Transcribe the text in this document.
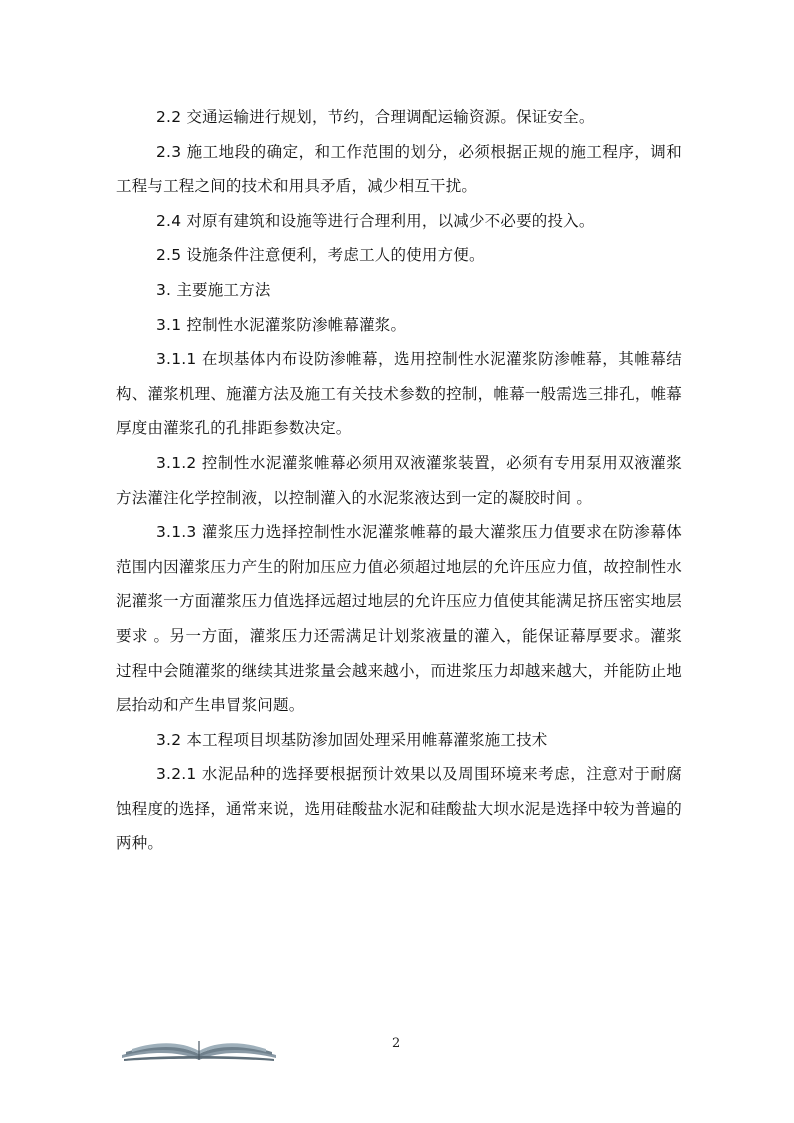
2.2 交通运输进行规划，节约，合理调配运输资源。保证安全。

2.3 施工地段的确定，和工作范围的划分，必须根据正规的施工程序，调和工程与工程之间的技术和用具矛盾，减少相互干扰。

2.4 对原有建筑和设施等进行合理利用，以减少不必要的投入。

2.5 设施条件注意便利，考虑工人的使用方便。

3. 主要施工方法

3.1 控制性水泥灌浆防渗帷幕灌浆。

3.1.1 在坝基体内布设防渗帷幕，选用控制性水泥灌浆防渗帷幕，其帷幕结构、灌浆机理、施灌方法及施工有关技术参数的控制，帷幕一般需选三排孔，帷幕厚度由灌浆孔的孔排距参数决定。

3.1.2 控制性水泥灌浆帷幕必须用双液灌浆装置，必须有专用泵用双液灌浆方法灌注化学控制液，以控制灌入的水泥浆液达到一定的凝胶时间 。

3.1.3 灌浆压力选择控制性水泥灌浆帷幕的最大灌浆压力值要求在防渗幕体范围内因灌浆压力产生的附加压应力值必须超过地层的允许压应力值，故控制性水泥灌浆一方面灌浆压力值选择远超过地层的允许压应力值使其能满足挤压密实地层要求 。另一方面，灌浆压力还需满足计划浆液量的灌入，能保证幕厚要求。灌浆过程中会随灌浆的继续其进浆量会越来越小，而进浆压力却越来越大，并能防止地层抬动和产生串冒浆问题。

3.2 本工程项目坝基防渗加固处理采用帷幕灌浆施工技术

3.2.1 水泥品种的选择要根据预计效果以及周围环境来考虑，注意对于耐腐蚀程度的选择，通常来说，选用硅酸盐水泥和硅酸盐大坝水泥是选择中较为普遍的两种。

2
